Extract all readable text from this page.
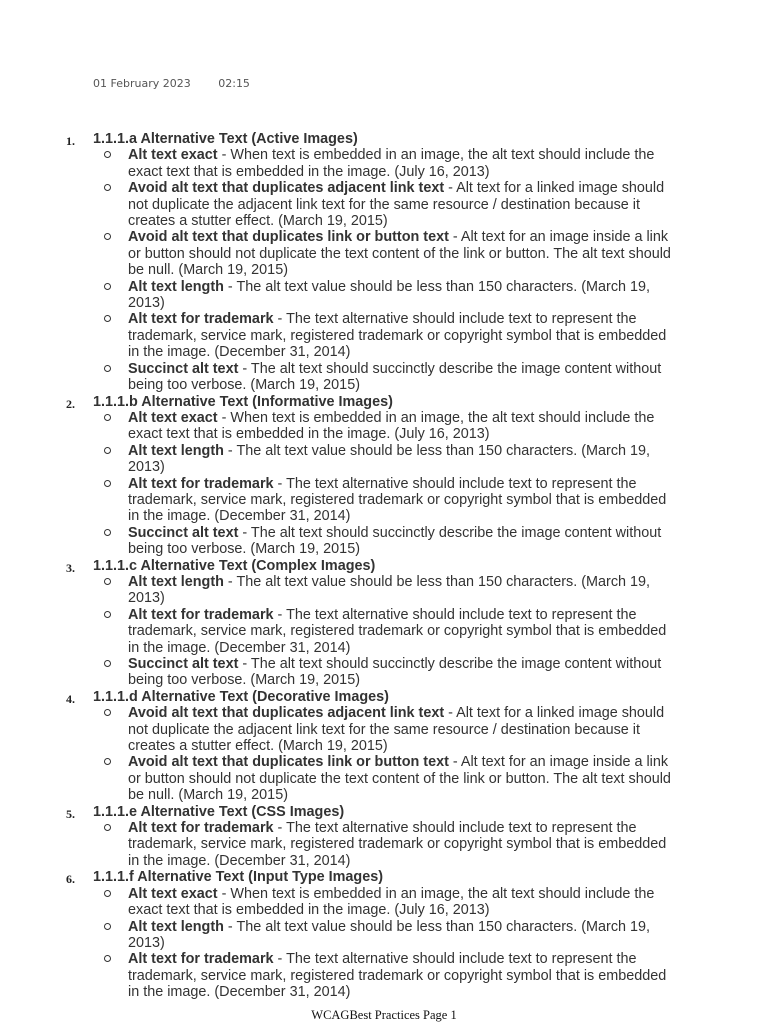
01 February 2023	02:15
1. 1.1.1.a Alternative Text (Active Images)
Alt text exact - When text is embedded in an image, the alt text should include the exact text that is embedded in the image. (July 16, 2013)
Avoid alt text that duplicates adjacent link text - Alt text for a linked image should not duplicate the adjacent link text for the same resource / destination because it creates a stutter effect. (March 19, 2015)
Avoid alt text that duplicates link or button text - Alt text for an image inside a link or button should not duplicate the text content of the link or button. The alt text should be null. (March 19, 2015)
Alt text length - The alt text value should be less than 150 characters. (March 19, 2013)
Alt text for trademark - The text alternative should include text to represent the trademark, service mark, registered trademark or copyright symbol that is embedded in the image. (December 31, 2014)
Succinct alt text - The alt text should succinctly describe the image content without being too verbose. (March 19, 2015)
2. 1.1.1.b Alternative Text (Informative Images)
Alt text exact - When text is embedded in an image, the alt text should include the exact text that is embedded in the image. (July 16, 2013)
Alt text length - The alt text value should be less than 150 characters. (March 19, 2013)
Alt text for trademark - The text alternative should include text to represent the trademark, service mark, registered trademark or copyright symbol that is embedded in the image. (December 31, 2014)
Succinct alt text - The alt text should succinctly describe the image content without being too verbose. (March 19, 2015)
3. 1.1.1.c Alternative Text (Complex Images)
Alt text length - The alt text value should be less than 150 characters. (March 19, 2013)
Alt text for trademark - The text alternative should include text to represent the trademark, service mark, registered trademark or copyright symbol that is embedded in the image. (December 31, 2014)
Succinct alt text - The alt text should succinctly describe the image content without being too verbose. (March 19, 2015)
4. 1.1.1.d Alternative Text (Decorative Images)
Avoid alt text that duplicates adjacent link text - Alt text for a linked image should not duplicate the adjacent link text for the same resource / destination because it creates a stutter effect. (March 19, 2015)
Avoid alt text that duplicates link or button text - Alt text for an image inside a link or button should not duplicate the text content of the link or button. The alt text should be null. (March 19, 2015)
5. 1.1.1.e Alternative Text (CSS Images)
Alt text for trademark - The text alternative should include text to represent the trademark, service mark, registered trademark or copyright symbol that is embedded in the image. (December 31, 2014)
6. 1.1.1.f Alternative Text (Input Type Images)
Alt text exact - When text is embedded in an image, the alt text should include the exact text that is embedded in the image. (July 16, 2013)
Alt text length - The alt text value should be less than 150 characters. (March 19, 2013)
Alt text for trademark - The text alternative should include text to represent the trademark, service mark, registered trademark or copyright symbol that is embedded in the image. (December 31, 2014)
WCAGBest Practices Page 1
